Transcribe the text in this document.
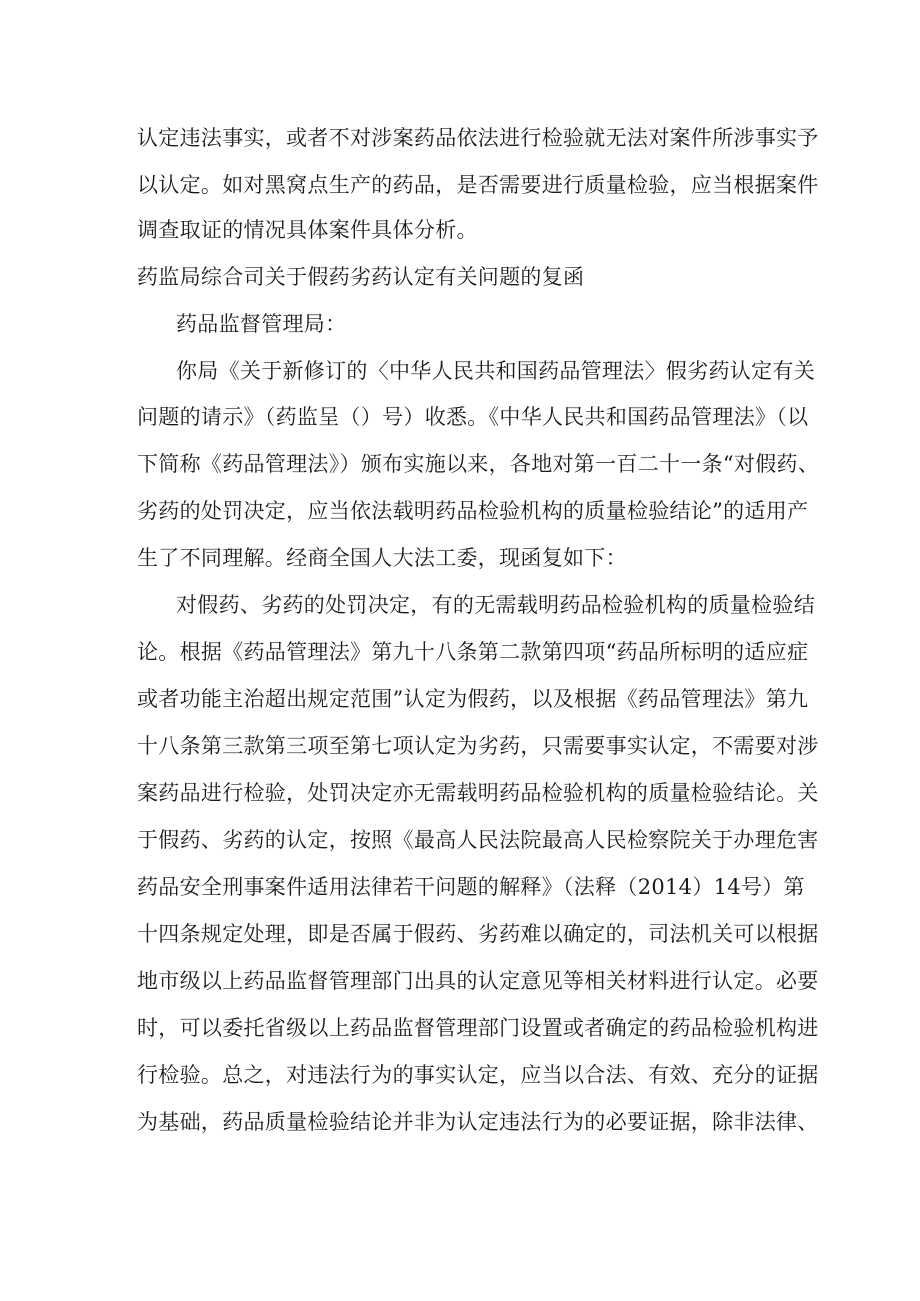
认定违法事实，或者不对涉案药品依法进行检验就无法对案件所涉事实予
以认定。如对黑窝点生产的药品，是否需要进行质量检验，应当根据案件
调查取证的情况具体案件具体分析。
药监局综合司关于假药劣药认定有关问题的复函
药品监督管理局：
你局《关于新修订的〈中华人民共和国药品管理法〉假劣药认定有关
问题的请示》（药监呈（）号）收悉。《中华人民共和国药品管理法》（以
下简称《药品管理法》）颁布实施以来，各地对第一百二十一条“对假药、
劣药的处罚决定，应当依法载明药品检验机构的质量检验结论”的适用产
生了不同理解。经商全国人大法工委，现函复如下：
对假药、劣药的处罚决定，有的无需载明药品检验机构的质量检验结
论。根据《药品管理法》第九十八条第二款第四项“药品所标明的适应症
或者功能主治超出规定范围”认定为假药，以及根据《药品管理法》第九
十八条第三款第三项至第七项认定为劣药，只需要事实认定，不需要对涉
案药品进行检验，处罚决定亦无需载明药品检验机构的质量检验结论。关
于假药、劣药的认定，按照《最高人民法院最高人民检察院关于办理危害
药品安全刑事案件适用法律若干问题的解释》（法释（2014）14号）第
十四条规定处理，即是否属于假药、劣药难以确定的，司法机关可以根据
地市级以上药品监督管理部门出具的认定意见等相关材料进行认定。必要
时，可以委托省级以上药品监督管理部门设置或者确定的药品检验机构进
行检验。总之，对违法行为的事实认定，应当以合法、有效、充分的证据
为基础，药品质量检验结论并非为认定违法行为的必要证据，除非法律、
